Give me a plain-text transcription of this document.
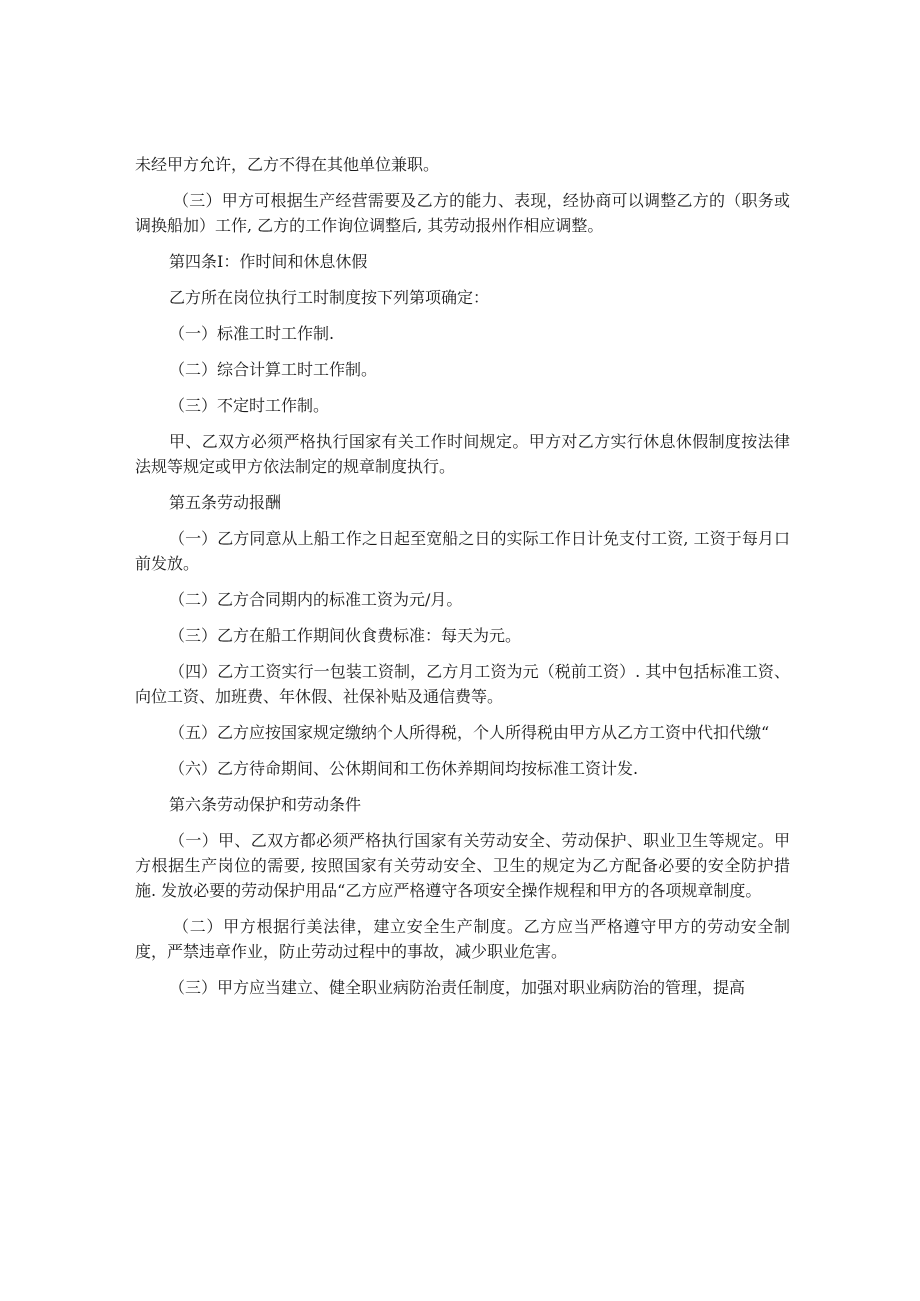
未经甲方允许，乙方不得在其他单位兼职。

（三）甲方可根据生产经营需要及乙方的能力、表现，经协商可以调整乙方的（职务或调换船加）工作, 乙方的工作询位调整后, 其劳动报州作相应调整。

第四条I：作时间和休息休假

乙方所在岗位执行工时制度按下列第项确定：

（一）标准工时工作制.

（二）综合计算工时工作制。

（三）不定时工作制。

甲、乙双方必须严格执行国家有关工作时间规定。甲方对乙方实行休息休假制度按法律法规等规定或甲方依法制定的规章制度执行。

第五条劳动报酬

（一）乙方同意从上船工作之日起至宽船之日的实际工作日计免支付工资, 工资于每月口前发放。

（二）乙方合同期内的标准工资为元/月。

（三）乙方在船工作期间伙食费标准：每天为元。

（四）乙方工资实行一包装工资制，乙方月工资为元（税前工资）. 其中包括标准工资、向位工资、加班费、年休假、社保补贴及通信费等。

（五）乙方应按国家规定缴纳个人所得税，个人所得税由甲方从乙方工资中代扣代缴“

（六）乙方待命期间、公休期间和工伤休养期间均按标准工资计发.

第六条劳动保护和劳动条件

（一）甲、乙双方都必须严格执行国家有关劳动安全、劳动保护、职业卫生等规定。甲方根据生产岗位的需要, 按照国家有关劳动安全、卫生的规定为乙方配备必要的安全防护措施. 发放必要的劳动保护用品“乙方应严格遵守各项安全操作规程和甲方的各项规章制度。

（二）甲方根据行美法律，建立安全生产制度。乙方应当严格遵守甲方的劳动安全制度，严禁违章作业，防止劳动过程中的事故，减少职业危害。

（三）甲方应当建立、健全职业病防治责任制度，加强对职业病防治的管理，提高
